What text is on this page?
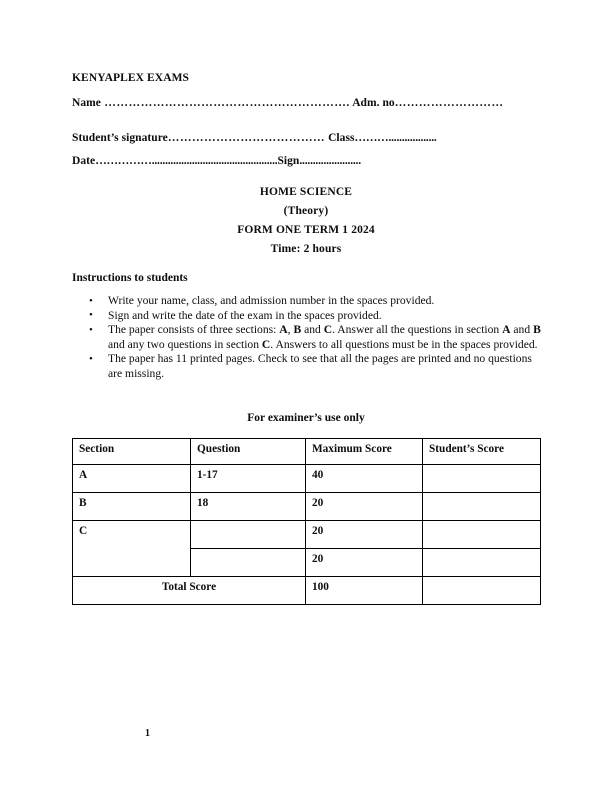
KENYAPLEX EXAMS
Name ……………………………………………………. Adm. no………………………
Student’s signature………………………………… Class………..................
Date……………...............................................Sign.......................
HOME SCIENCE
(Theory)
FORM ONE TERM 1 2024
Time: 2 hours
Instructions to students
• Write your name, class, and admission number in the spaces provided.
• Sign and write the date of the exam in the spaces provided.
• The paper consists of three sections: A, B and C. Answer all the questions in section A and B and any two questions in section C. Answers to all questions must be in the spaces provided.
• The paper has 11 printed pages. Check to see that all the pages are printed and no questions are missing.
For examiner’s use only
Section	Question	Maximum Score	Student’s Score
A	1-17	40	
B	18	20	
C		20	
		20	
Total Score		100	
1
